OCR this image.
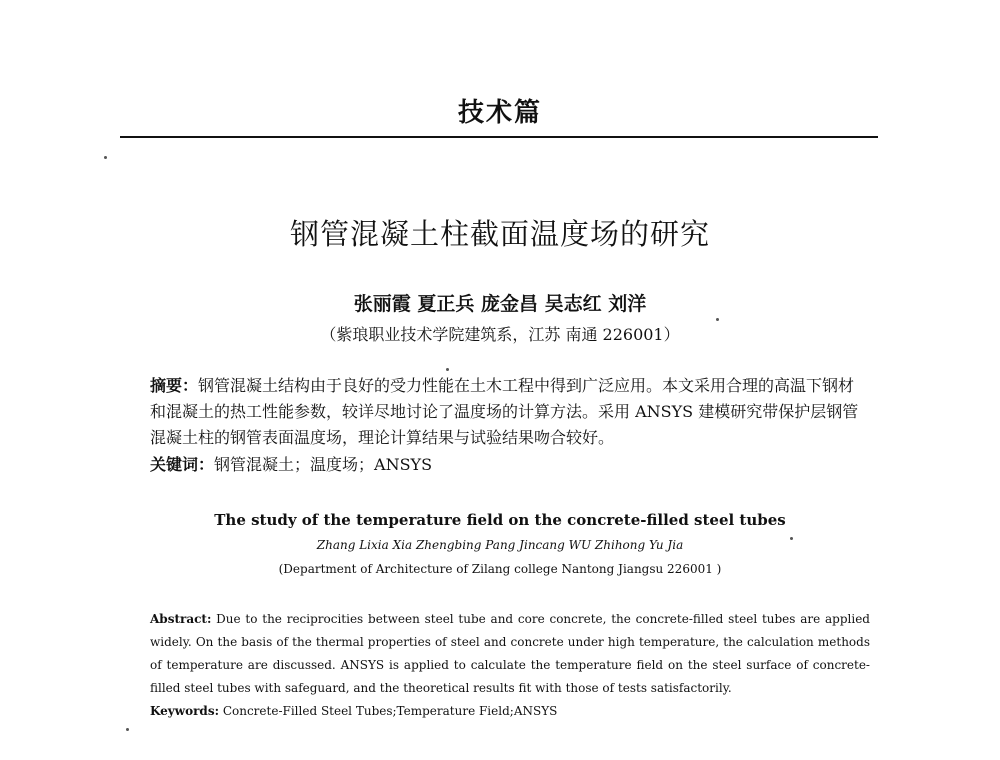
技术篇
钢管混凝土柱截面温度场的研究
张丽霞 夏正兵 庞金昌 吴志红 刘洋
（紫琅职业技术学院建筑系，江苏 南通 226001）
摘要：钢管混凝土结构由于良好的受力性能在土木工程中得到广泛应用。本文采用合理的高温下钢材和混凝土的热工性能参数，较详尽地讨论了温度场的计算方法。采用 ANSYS 建模研究带保护层钢管混凝土柱的钢管表面温度场，理论计算结果与试验结果吻合较好。
关键词：钢管混凝土；温度场；ANSYS
The study of the temperature field on the concrete-filled steel tubes
Zhang Lixia Xia Zhengbing Pang Jincang WU Zhihong Yu Jia
(Department of Architecture of Zilang college Nantong Jiangsu 226001 )
Abstract: Due to the reciprocities between steel tube and core concrete, the concrete-filled steel tubes are applied widely. On the basis of the thermal properties of steel and concrete under high temperature, the calculation methods of temperature are discussed. ANSYS is applied to calculate the temperature field on the steel surface of concrete-filled steel tubes with safeguard, and the theoretical results fit with those of tests satisfactorily.
Keywords: Concrete-Filled Steel Tubes;Temperature Field;ANSYS
